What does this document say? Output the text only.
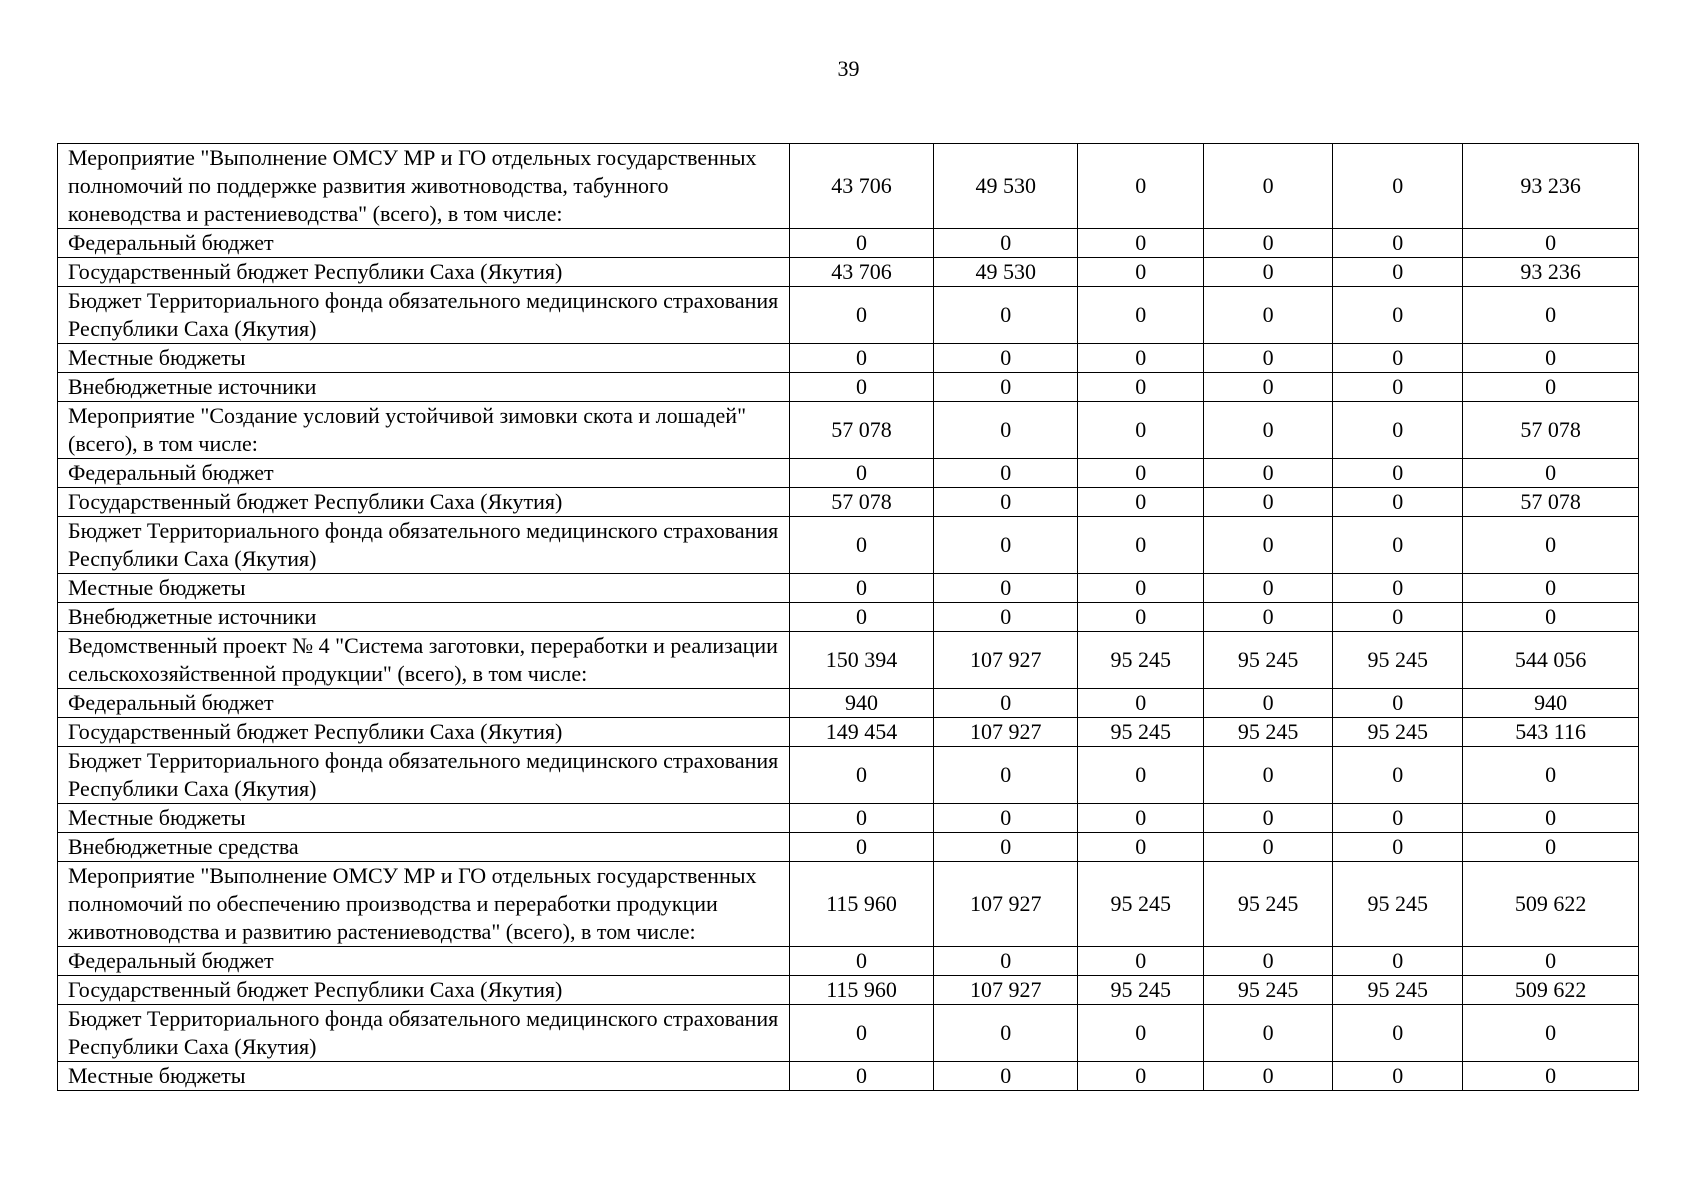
39
Мероприятие "Выполнение ОМСУ МР и ГО отдельных государственных полномочий по поддержке развития животноводства, табунного коневодства и растениеводства" (всего), в том числе:	43 706	49 530	0	0	0	93 236
Федеральный бюджет	0	0	0	0	0	0
Государственный бюджет Республики Саха (Якутия)	43 706	49 530	0	0	0	93 236
Бюджет Территориального фонда обязательного медицинского страхования Республики Саха (Якутия)	0	0	0	0	0	0
Местные бюджеты	0	0	0	0	0	0
Внебюджетные источники	0	0	0	0	0	0
Мероприятие "Создание условий устойчивой зимовки скота и лошадей" (всего), в том числе:	57 078	0	0	0	0	57 078
Федеральный бюджет	0	0	0	0	0	0
Государственный бюджет Республики Саха (Якутия)	57 078	0	0	0	0	57 078
Бюджет Территориального фонда обязательного медицинского страхования Республики Саха (Якутия)	0	0	0	0	0	0
Местные бюджеты	0	0	0	0	0	0
Внебюджетные источники	0	0	0	0	0	0
Ведомственный проект № 4 "Система заготовки, переработки и реализации сельскохозяйственной продукции" (всего), в том числе:	150 394	107 927	95 245	95 245	95 245	544 056
Федеральный бюджет	940	0	0	0	0	940
Государственный бюджет Республики Саха (Якутия)	149 454	107 927	95 245	95 245	95 245	543 116
Бюджет Территориального фонда обязательного медицинского страхования Республики Саха (Якутия)	0	0	0	0	0	0
Местные бюджеты	0	0	0	0	0	0
Внебюджетные средства	0	0	0	0	0	0
Мероприятие "Выполнение ОМСУ МР и ГО отдельных государственных полномочий по обеспечению производства и переработки продукции животноводства и развитию растениеводства" (всего), в том числе:	115 960	107 927	95 245	95 245	95 245	509 622
Федеральный бюджет	0	0	0	0	0	0
Государственный бюджет Республики Саха (Якутия)	115 960	107 927	95 245	95 245	95 245	509 622
Бюджет Территориального фонда обязательного медицинского страхования Республики Саха (Якутия)	0	0	0	0	0	0
Местные бюджеты	0	0	0	0	0	0
